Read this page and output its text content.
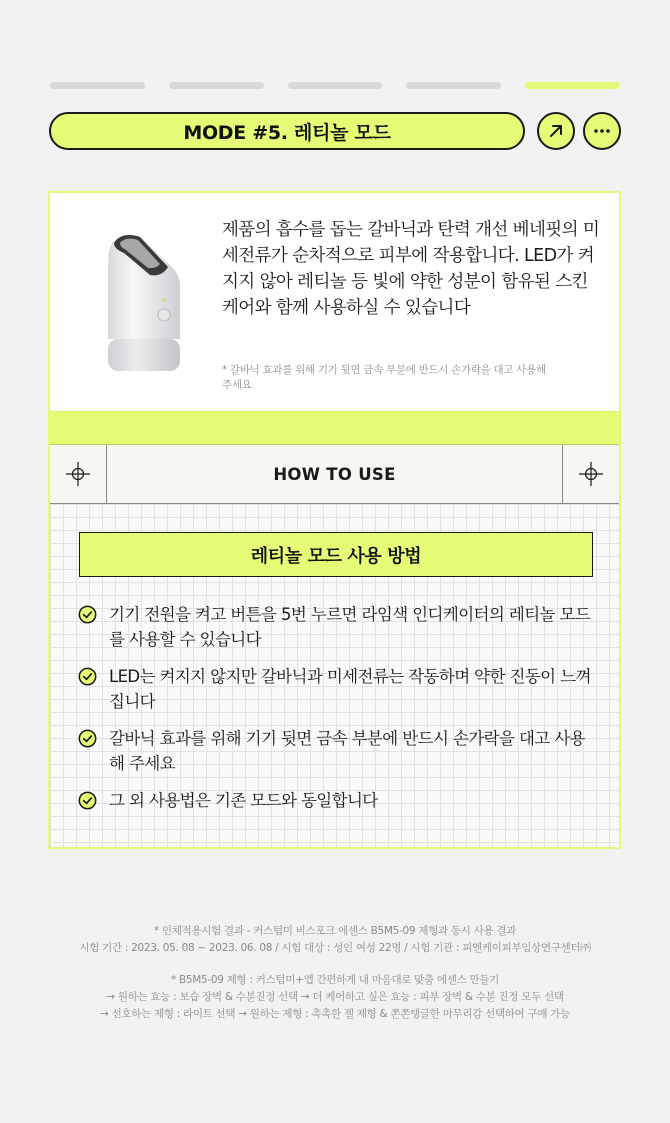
MODE #5. 레티놀 모드

제품의 흡수를 돕는 갈바닉과 탄력 개선 베네핏의 미세전류가 순차적으로 피부에 작용합니다. LED가 켜지지 않아 레티놀 등 빛에 약한 성분이 함유된 스킨케어와 함께 사용하실 수 있습니다

* 갈바닉 효과를 위해 기기 뒷면 금속 부분에 반드시 손가락을 대고 사용해 주세요

HOW TO USE
레티놀 모드 사용 방법
기기 전원을 켜고 버튼을 5번 누르면 라임색 인디케이터의 레티놀 모드를 사용할 수 있습니다
LED는 켜지지 않지만 갈바닉과 미세전류는 작동하며 약한 진동이 느껴집니다
갈바닉 효과를 위해 기기 뒷면 금속 부분에 반드시 손가락을 대고 사용해 주세요
그 외 사용법은 기존 모드와 동일합니다
* 인체적용시험 결과 - 커스텀미 비스포크 에센스 B5M5-09 제형과 동시 사용 결과
시험 기간 : 2023. 05. 08 ~ 2023. 06. 08 / 시험 대상 : 성인 여성 22명 / 시험 기관 : 피엔케이피부임상연구센터㈜
* B5M5-09 제형 : 커스텀미+앱 간편하게 내 마음대로 맞춤 에센스 만들기
→ 원하는 효능 : 보습 장벽 & 수분진정 선택 → 더 케어하고 싶은 효능 : 피부 장벽 & 수분 진정 모두 선택
→ 선호하는 제형 : 라이트 선택 → 원하는 제형 : 촉촉한 젤 제형 & 쫀쫀탱글한 마무리감 선택하여 구매 가능
